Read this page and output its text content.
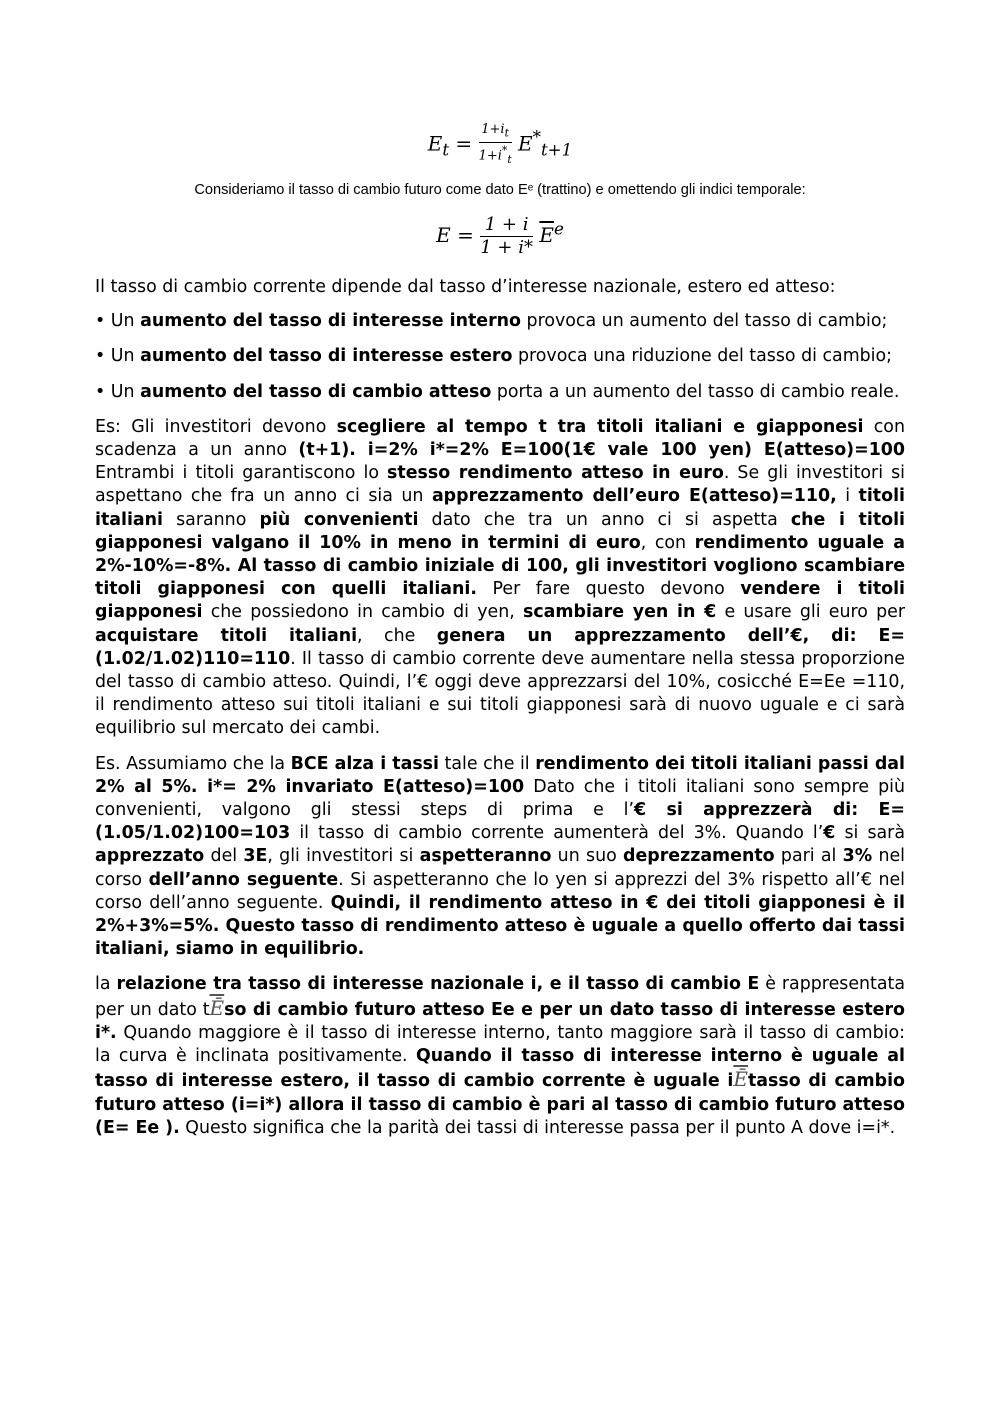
$E_t = \frac{1+i_t}{1+i^*_t} E^*_{t+1}$
Consideriamo il tasso di cambio futuro come dato Eᵉ (trattino) e omettendo gli indici temporale:
$E = \frac{1 + i}{1 + i*} \overline{E}^e$

Il tasso di cambio corrente dipende dal tasso d’interesse nazionale, estero ed atteso:

• Un aumento del tasso di interesse interno provoca un aumento del tasso di cambio;

• Un aumento del tasso di interesse estero provoca una riduzione del tasso di cambio;

• Un aumento del tasso di cambio atteso porta a un aumento del tasso di cambio reale.

Es: Gli investitori devono scegliere al tempo t tra titoli italiani e giapponesi con scadenza a un anno (t+1). i=2% i*=2% E=100(1€ vale 100 yen) E(atteso)=100 Entrambi i titoli garantiscono lo stesso rendimento atteso in euro. Se gli investitori si aspettano che fra un anno ci sia un apprezzamento dell’euro E(atteso)=110, i titoli italiani saranno più convenienti dato che tra un anno ci si aspetta che i titoli giapponesi valgano il 10% in meno in termini di euro, con rendimento uguale a 2%-10%=-8%. Al tasso di cambio iniziale di 100, gli investitori vogliono scambiare titoli giapponesi con quelli italiani. Per fare questo devono vendere i titoli giapponesi che possiedono in cambio di yen, scambiare yen in € e usare gli euro per acquistare titoli italiani, che genera un apprezzamento dell’€, di: E=(1.02/1.02)110=110. Il tasso di cambio corrente deve aumentare nella stessa proporzione del tasso di cambio atteso. Quindi, l’€ oggi deve apprezzarsi del 10%, cosicché E=Ee =110, il rendimento atteso sui titoli italiani e sui titoli giapponesi sarà di nuovo uguale e ci sarà equilibrio sul mercato dei cambi.

Es. Assumiamo che la BCE alza i tassi tale che il rendimento dei titoli italiani passi dal 2% al 5%. i*= 2% invariato E(atteso)=100 Dato che i titoli italiani sono sempre più convenienti, valgono gli stessi steps di prima e l’€ si apprezzerà di: E=(1.05/1.02)100=103 il tasso di cambio corrente aumenterà del 3%. Quando l’€ si sarà apprezzato del 3E, gli investitori si aspetteranno un suo deprezzamento pari al 3% nel corso dell’anno seguente. Si aspetteranno che lo yen si apprezzi del 3% rispetto all’€ nel corso dell’anno seguente. Quindi, il rendimento atteso in € dei titoli giapponesi è il 2%+3%=5%. Questo tasso di rendimento atteso è uguale a quello offerto dai tassi italiani, siamo in equilibrio.

la relazione tra tasso di interesse nazionale i, e il tasso di cambio E è rappresentata per un dato $t\overline{Ē}so$ di cambio futuro atteso Ee e per un dato tasso di interesse estero i*. Quando maggiore è il tasso di interesse interno, tanto maggiore sarà il tasso di cambio: la curva è inclinata positivamente. Quando il tasso di interesse interno è uguale al tasso di interesse estero, il tasso di cambio corrente è uguale $i\overline{Ē}tasso$ di cambio futuro atteso (i=i*) allora il tasso di cambio è pari al tasso di cambio futuro atteso (E= Ee ). Questo significa che la parità dei tassi di interesse passa per il punto A dove i=i*.
